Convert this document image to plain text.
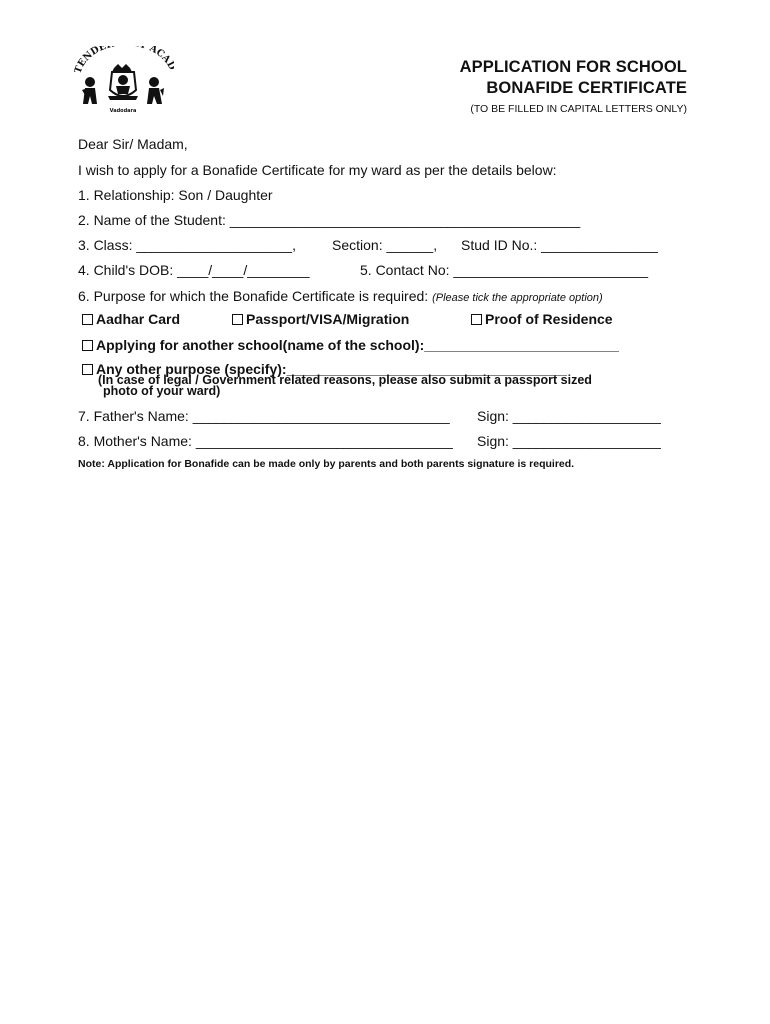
ENDE ACA
Vadodara
APPLICATION FOR SCHOOL
BONAFIDE CERTIFICATE
(TO BE FILLED IN CAPITAL LETTERS ONLY)
Dear Sir/ Madam,
I wish to apply for a Bonafide Certificate for my ward as per the details below:
1. Relationship: Son / Daughter
2. Name of the Student: _____________________________________________
3. Class: ____________________,	Section: ______, Stud ID No.: _______________
4. Child's DOB: ____/____/________	5. Contact No: _________________________
6. Purpose for which the Bonafide Certificate is required: (Please tick the appropriate option)
Aadhar Card	Passport/VISA/Migration	Proof of Residence
Applying for another school(name of the school):_________________________
Any other purpose (specify):____________________________________
(In case of legal / Government related reasons, please also submit a passport sized
photo of your ward)
7. Father's Name: _________________________________ Sign: ___________________
8. Mother's Name: _________________________________ Sign: ___________________
Note: Application for Bonafide can be made only by parents and both parents signature is required.
